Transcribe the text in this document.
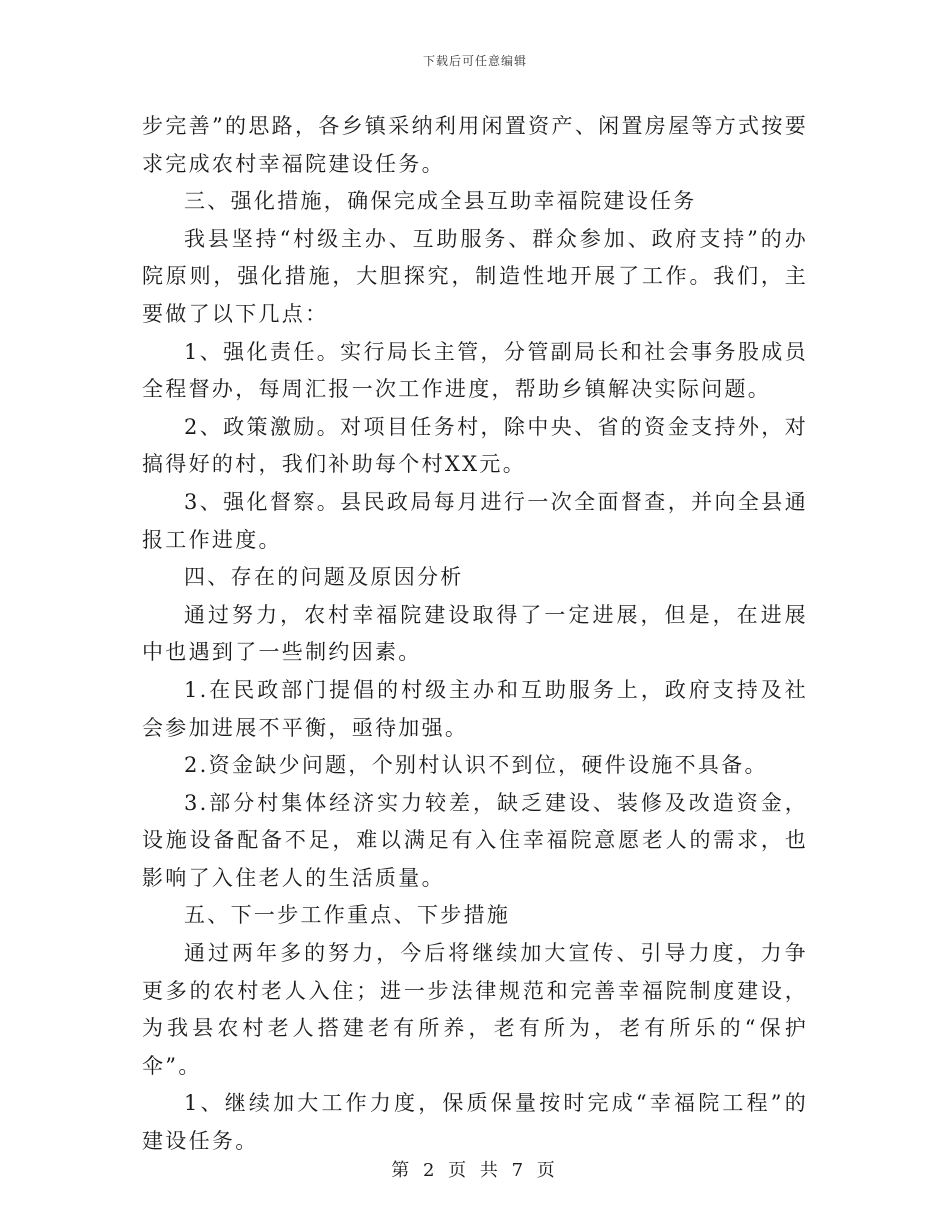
下载后可任意编辑

步完善”的思路，各乡镇采纳利用闲置资产、闲置房屋等方式按要求完成农村幸福院建设任务。

三、强化措施，确保完成全县互助幸福院建设任务

我县坚持“村级主办、互助服务、群众参加、政府支持”的办院原则，强化措施，大胆探究，制造性地开展了工作。我们，主要做了以下几点：

1、强化责任。实行局长主管，分管副局长和社会事务股成员全程督办，每周汇报一次工作进度，帮助乡镇解决实际问题。

2、政策激励。对项目任务村，除中央、省的资金支持外，对搞得好的村，我们补助每个村XX元。

3、强化督察。县民政局每月进行一次全面督查，并向全县通报工作进度。

四、存在的问题及原因分析

通过努力，农村幸福院建设取得了一定进展，但是，在进展中也遇到了一些制约因素。

1.在民政部门提倡的村级主办和互助服务上，政府支持及社会参加进展不平衡，亟待加强。

2.资金缺少问题，个别村认识不到位，硬件设施不具备。

3.部分村集体经济实力较差，缺乏建设、装修及改造资金，设施设备配备不足，难以满足有入住幸福院意愿老人的需求，也影响了入住老人的生活质量。

五、下一步工作重点、下步措施

通过两年多的努力，今后将继续加大宣传、引导力度，力争更多的农村老人入住；进一步法律规范和完善幸福院制度建设，为我县农村老人搭建老有所养，老有所为，老有所乐的“保护伞”。

1、继续加大工作力度，保质保量按时完成“幸福院工程”的建设任务。

第 2 页 共 7 页
